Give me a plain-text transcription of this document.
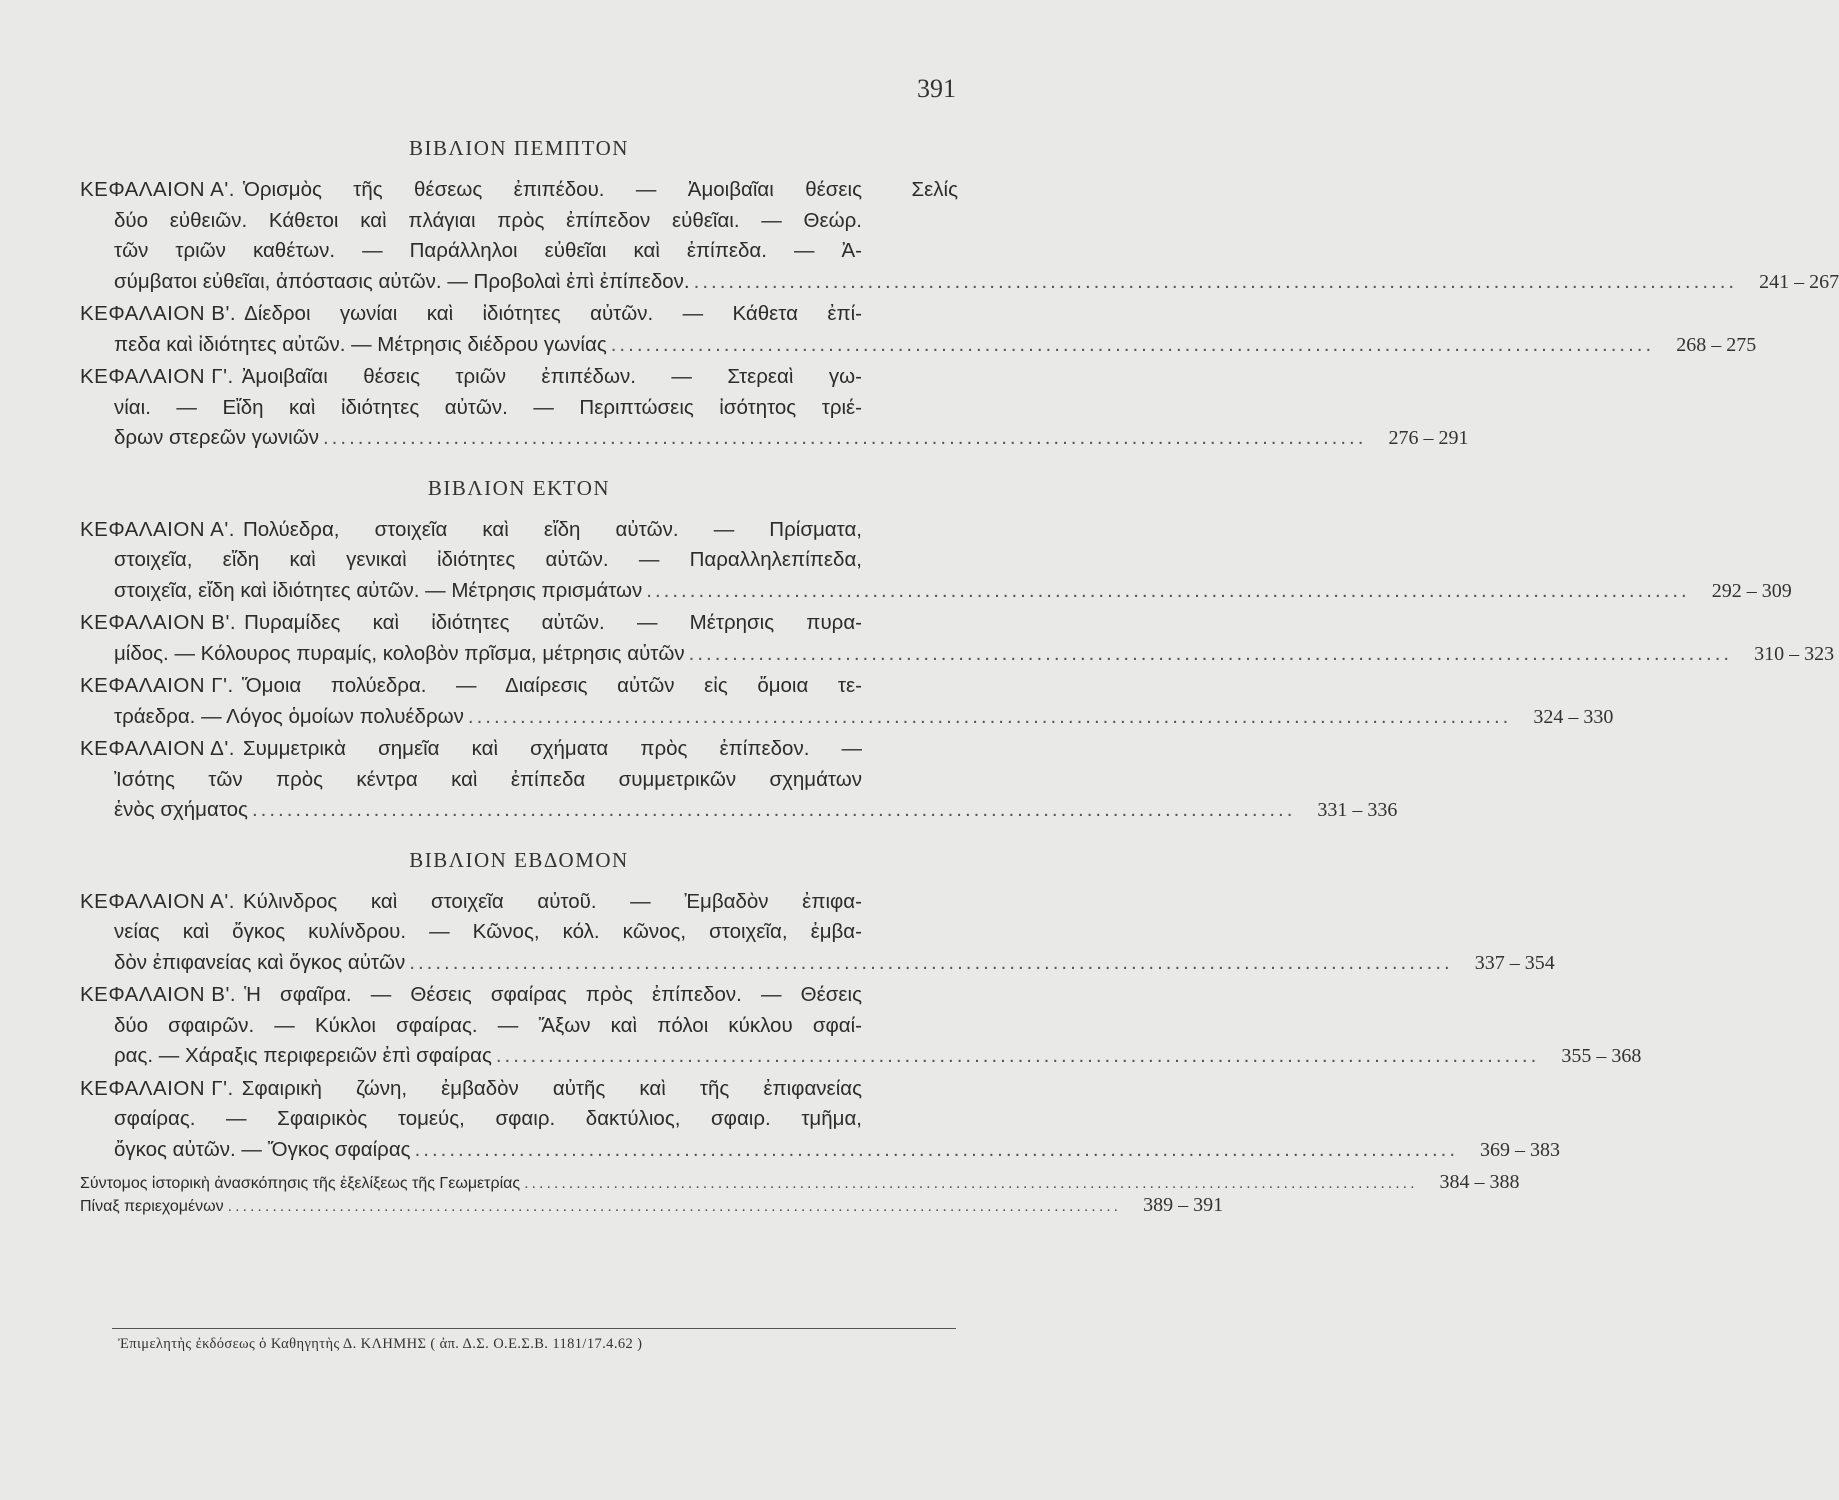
391
ΒΙΒΛΙΟΝ ΠΕΜΠΤΟΝ
ΚΕΦΑΛΑΙΟΝ Α'. Ὁρισμὸς τῆς θέσεως ἐπιπέδου. — Ἀμοιβαῖαι θέσεις	Σελίς
δύο εὐθειῶν. Κάθετοι καὶ πλάγιαι πρὸς ἐπίπεδον εὐθεῖαι. — Θεώρ.
τῶν τριῶν καθέτων. — Παράλληλοι εὐθεῖαι καὶ ἐπίπεδα. — Ἀ-
σύμβατοι εὐθεῖαι, ἀπόστασις αὐτῶν. — Προβολαὶ ἐπὶ ἐπίπεδον. ........................................................................................................................	241 – 267
ΚΕΦΑΛΑΙΟΝ Β'. Δίεδροι γωνίαι καὶ ἰδιότητες αὐτῶν. — Κάθετα ἐπί-
πεδα καὶ ἰδιότητες αὐτῶν. — Μέτρησις διέδρου γωνίας ........................................................................................................................	268 – 275
ΚΕΦΑΛΑΙΟΝ Γ'. Ἀμοιβαῖαι θέσεις τριῶν ἐπιπέδων. — Στερεαὶ γω-
νίαι. — Εἴδη καὶ ἰδιότητες αὐτῶν. — Περιπτώσεις ἰσότητος τριέ-
δρων στερεῶν γωνιῶν ........................................................................................................................	276 – 291
ΒΙΒΛΙΟΝ ΕΚΤΟΝ
ΚΕΦΑΛΑΙΟΝ Α'. Πολύεδρα, στοιχεῖα καὶ εἴδη αὐτῶν. — Πρίσματα,
στοιχεῖα, εἴδη καὶ γενικαὶ ἰδιότητες αὐτῶν. — Παραλληλεπίπεδα,
στοιχεῖα, εἴδη καὶ ἰδιότητες αὐτῶν. — Μέτρησις πρισμάτων ........................................................................................................................	292 – 309
ΚΕΦΑΛΑΙΟΝ Β'. Πυραμίδες καὶ ἰδιότητες αὐτῶν. — Μέτρησις πυρα-
μίδος. — Κόλουρος πυραμίς, κολοβὸν πρῖσμα, μέτρησις αὐτῶν ........................................................................................................................	310 – 323
ΚΕΦΑΛΑΙΟΝ Γ'. Ὅμοια πολύεδρα. — Διαίρεσις αὐτῶν εἰς ὅμοια τε-
τράεδρα. — Λόγος ὁμοίων πολυέδρων ........................................................................................................................	324 – 330
ΚΕΦΑΛΑΙΟΝ Δ'. Συμμετρικὰ σημεῖα καὶ σχήματα πρὸς ἐπίπεδον. —
Ἰσότης τῶν πρὸς κέντρα καὶ ἐπίπεδα συμμετρικῶν σχημάτων
ἑνὸς σχήματος ........................................................................................................................	331 – 336
ΒΙΒΛΙΟΝ ΕΒΔΟΜΟΝ
ΚΕΦΑΛΑΙΟΝ Α'. Κύλινδρος καὶ στοιχεῖα αὐτοῦ. — Ἐμβαδὸν ἐπιφα-
νείας καὶ ὄγκος κυλίνδρου. — Κῶνος, κόλ. κῶνος, στοιχεῖα, ἐμβα-
δὸν ἐπιφανείας καὶ ὄγκος αὐτῶν ........................................................................................................................	337 – 354
ΚΕΦΑΛΑΙΟΝ Β'. Ἡ σφαῖρα. — Θέσεις σφαίρας πρὸς ἐπίπεδον. — Θέσεις
δύο σφαιρῶν. — Κύκλοι σφαίρας. — Ἄξων καὶ πόλοι κύκλου σφαί-
ρας. — Χάραξις περιφερειῶν ἐπὶ σφαίρας ........................................................................................................................	355 – 368
ΚΕΦΑΛΑΙΟΝ Γ'. Σφαιρικὴ ζώνη, ἐμβαδὸν αὐτῆς καὶ τῆς ἐπιφανείας
σφαίρας. — Σφαιρικὸς τομεύς, σφαιρ. δακτύλιος, σφαιρ. τμῆμα,
ὄγκος αὐτῶν. — Ὄγκος σφαίρας ........................................................................................................................	369 – 383
Σύντομος ἱστορικὴ ἀνασκόπησις τῆς ἐξελίξεως τῆς Γεωμετρίας ........................................................................................................................	384 – 388
Πίναξ περιεχομένων ........................................................................................................................	389 – 391
Ἐπιμελητὴς ἐκδόσεως ὁ Καθηγητὴς Δ. ΚΛΗΜΗΣ ( ἀπ. Δ.Σ. Ο.Ε.Σ.Β. 1181/17.4.62 )
